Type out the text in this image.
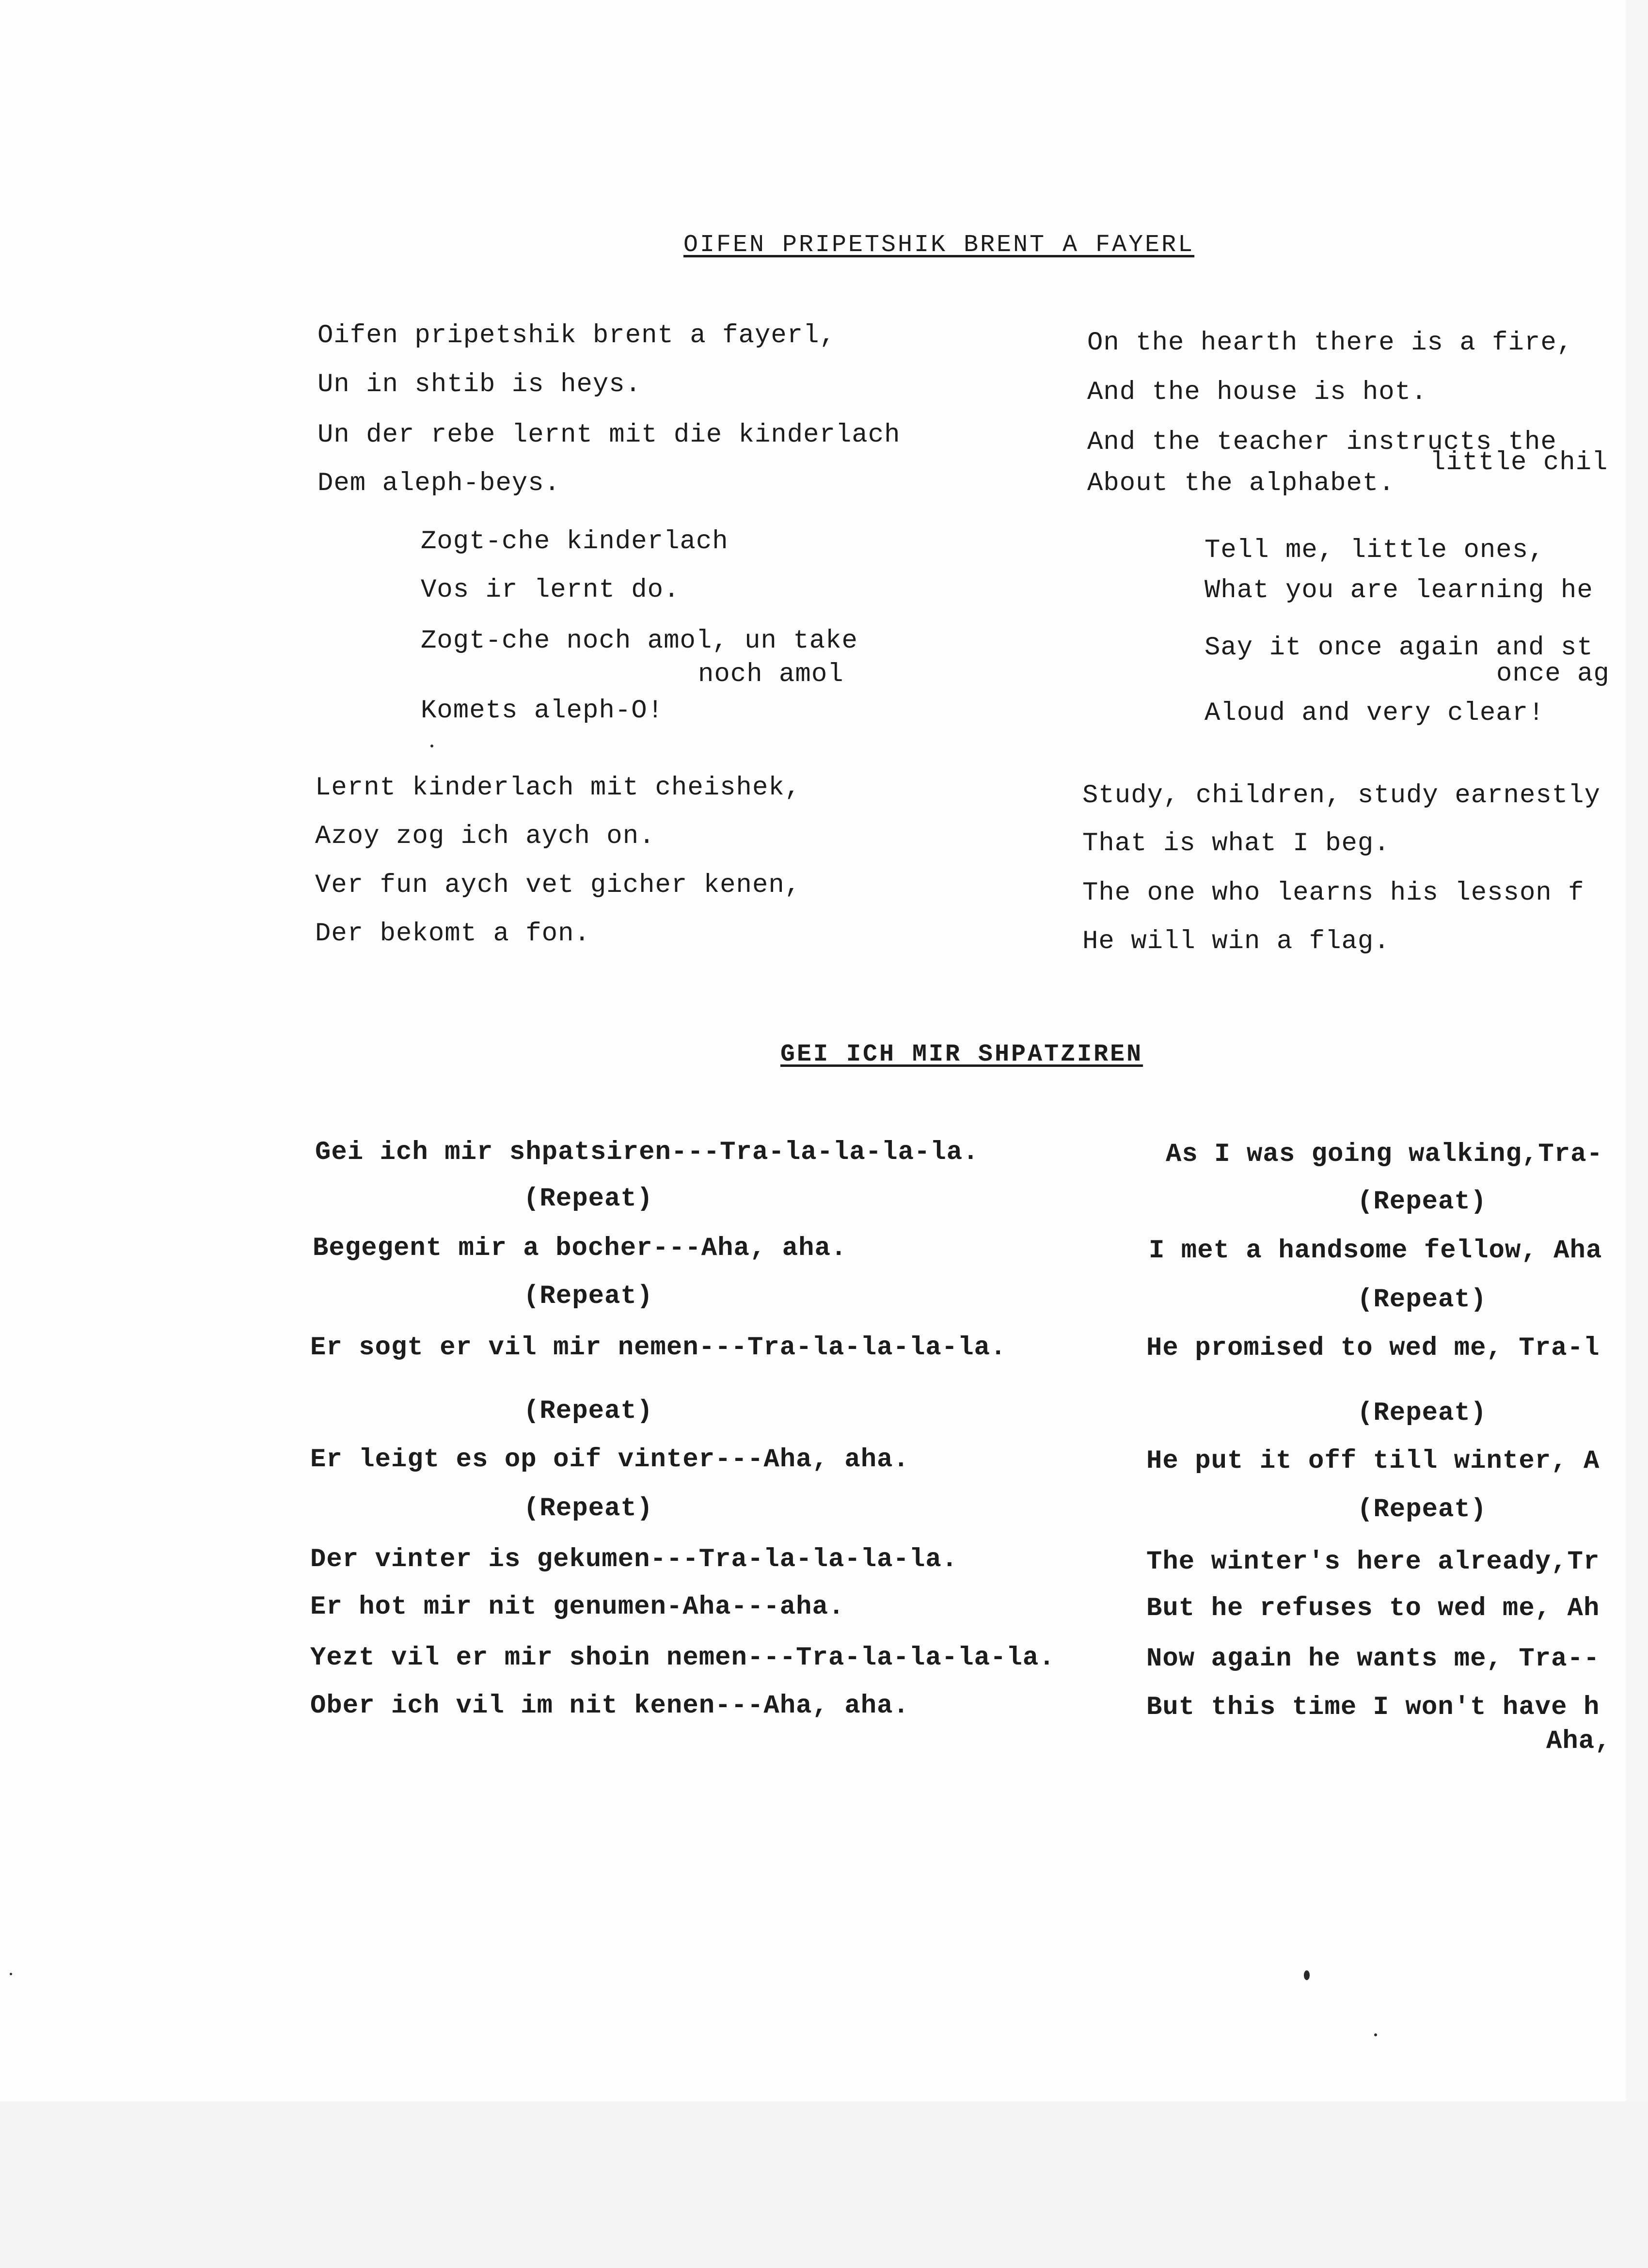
OIFEN PRIPETSHIK BRENT A FAYERL
Oifen pripetshik brent a fayerl,
Un in shtib is heys.
Un der rebe lernt mit die kinderlach
Dem aleph-beys.
Zogt-che kinderlach
Vos ir lernt do.
Zogt-che noch amol, un take
noch amol
Komets aleph-O!
Lernt kinderlach mit cheishek,
Azoy zog ich aych on.
Ver fun aych vet gicher kenen,
Der bekomt a fon.
On the hearth there is a fire,
And the house is hot.
And the teacher instructs the
little chil
About the alphabet.
Tell me, little ones,
What you are learning he
Say it once again and st
once ag
Aloud and very clear!
Study, children, study earnestly
That is what I beg.
The one who learns his lesson f
He will win a flag.
GEI ICH MIR SHPATZIREN
Gei ich mir shpatsiren---Tra-la-la-la-la.
(Repeat)
Begegent mir a bocher---Aha, aha.
(Repeat)
Er sogt er vil mir nemen---Tra-la-la-la-la.
(Repeat)
Er leigt es op oif vinter---Aha, aha.
(Repeat)
Der vinter is gekumen---Tra-la-la-la-la.
Er hot mir nit genumen-Aha---aha.
Yezt vil er mir shoin nemen---Tra-la-la-la-la.
Ober ich vil im nit kenen---Aha, aha.
As I was going walking,Tra-
(Repeat)
I met a handsome fellow, Aha
(Repeat)
He promised to wed me, Tra-l
(Repeat)
He put it off till winter, A
(Repeat)
The winter's here already,Tr
But he refuses to wed me, Ah
Now again he wants me, Tra--
But this time I won't have h
Aha,
